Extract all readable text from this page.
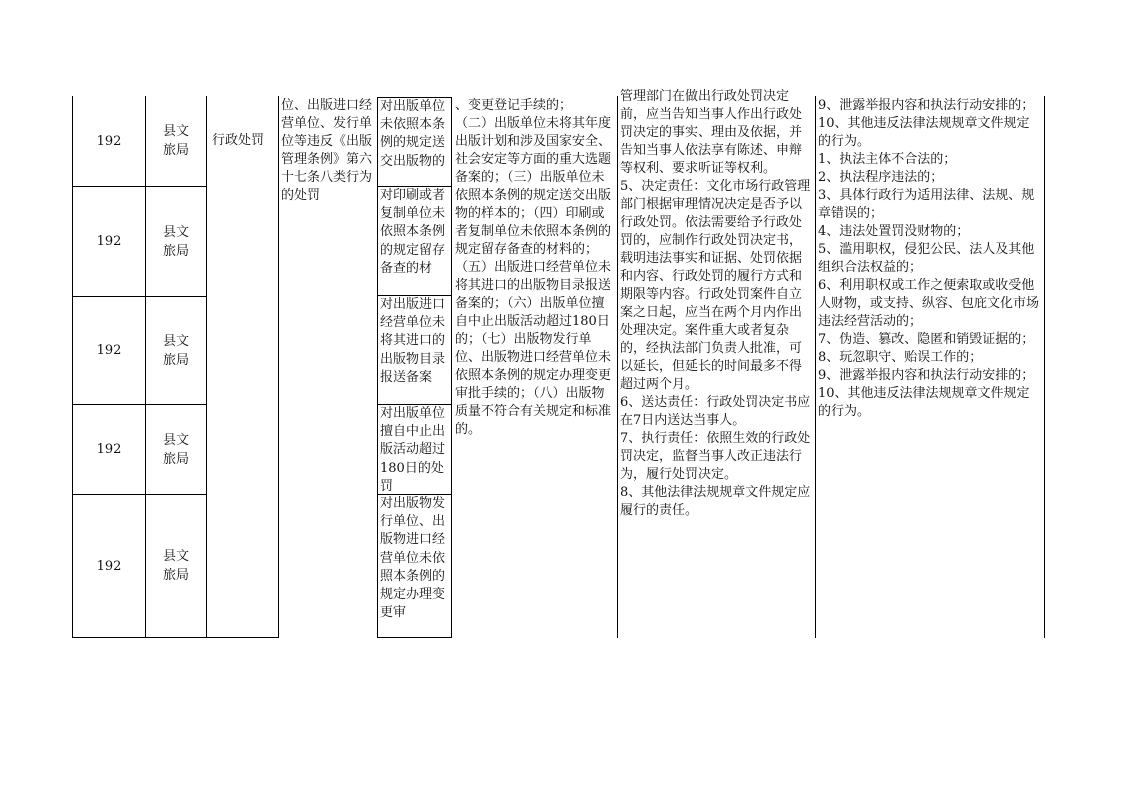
192
县文旅局
192
县文旅局
192
县文旅局
192
县文旅局
192
县文旅局
行政处罚
位、出版进口经营单位、发行单位等违反《出版管理条例》第六十七条八类行为的处罚
对出版单位未依照本条例的规定送交出版物的
对印刷或者复制单位未依照本条例的规定留存备查的材
对出版进口经营单位未将其进口的出版物目录报送备案
对出版单位擅自中止出版活动超过180日的处罚
对出版物发行单位、出版物进口经营单位未依照本条例的规定办理变更审
、变更登记手续的；
（二）出版单位未将其年度出版计划和涉及国家安全、社会安定等方面的重大选题备案的；（三）出版单位未依照本条例的规定送交出版物的样本的；（四）印刷或者复制单位未依照本条例的规定留存备查的材料的；（五）出版进口经营单位未将其进口的出版物目录报送备案的；（六）出版单位擅自中止出版活动超过180日的；（七）出版物发行单位、出版物进口经营单位未依照本条例的规定办理变更审批手续的；（八）出版物质量不符合有关规定和标准的。
管理部门在做出行政处罚决定前，应当告知当事人作出行政处罚决定的事实、理由及依据，并告知当事人依法享有陈述、申辩等权利、要求听证等权利。
5、决定责任：文化市场行政管理部门根据审理情况决定是否予以行政处罚。依法需要给予行政处罚的，应制作行政处罚决定书，载明违法事实和证据、处罚依据和内容、行政处罚的履行方式和期限等内容。行政处罚案件自立案之日起，应当在两个月内作出处理决定。案件重大或者复杂的，经执法部门负责人批准，可以延长，但延长的时间最多不得超过两个月。
6、送达责任：行政处罚决定书应在7日内送达当事人。
7、执行责任：依照生效的行政处罚决定，监督当事人改正违法行为，履行处罚决定。
8、其他法律法规规章文件规定应履行的责任。
9、泄露举报内容和执法行动安排的；
10、其他违反法律法规规章文件规定的行为。
1、执法主体不合法的；
2、执法程序违法的；
3、具体行政行为适用法律、法规、规章错误的；
4、违法处置罚没财物的；
5、滥用职权，侵犯公民、法人及其他组织合法权益的；
6、利用职权或工作之便索取或收受他人财物，或支持、纵容、包庇文化市场违法经营活动的；
7、伪造、篡改、隐匿和销毁证据的；
8、玩忽职守、贻误工作的；
9、泄露举报内容和执法行动安排的；
10、其他违反法律法规规章文件规定的行为。
